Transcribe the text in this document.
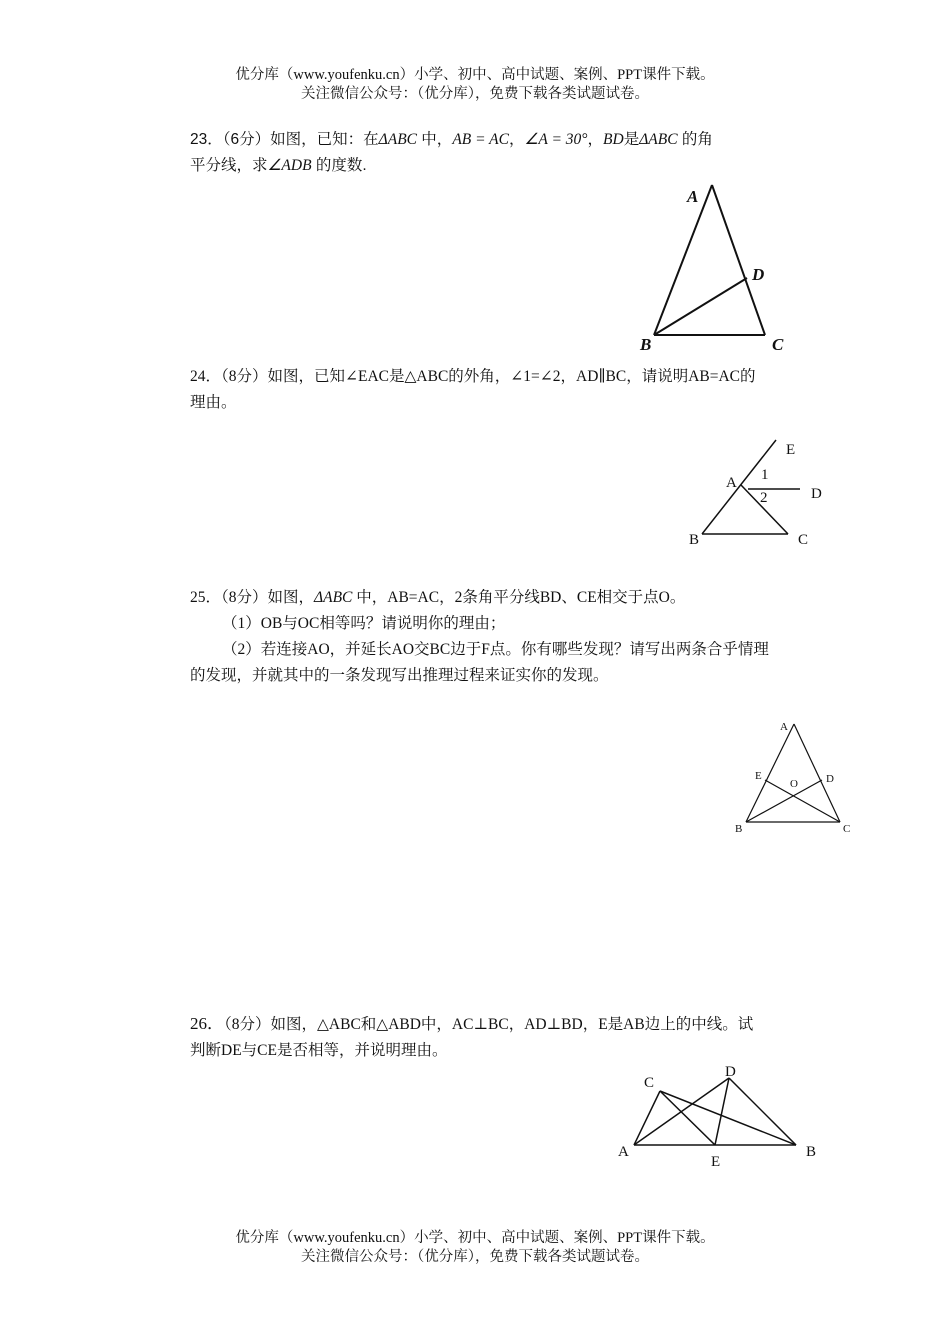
优分库（www.youfenku.cn）小学、初中、高中试题、案例、PPT课件下载。
关注微信公众号：（优分库），免费下载各类试题试卷。

23．（6分）如图，已知：在ΔABC 中，AB = AC，∠A = 30°，BD是ΔABC 的角

平分线，求∠ADB 的度数.

A
B	C
D

24．（8分）如图，已知∠EAC是△ABC的外角，∠1=∠2，AD∥BC，请说明AB=AC的

理由。

E
A
D
B	C
1
2

25．（8分）如图，ΔABC 中，AB=AC，2条角平分线BD、CE相交于点O。

（1）OB与OC相等吗？请说明你的理由；

（2）若连接AO，并延长AO交BC边于F点。你有哪些发现？请写出两条合乎情理

的发现，并就其中的一条发现写出推理过程来证实你的发现。

A
B	C
D
E
O

26．（8分）如图，△ABC和△ABD中，AC⊥BC，AD⊥BD，E是AB边上的中线。试

判断DE与CE是否相等，并说明理由。

A	B
C
D
E
优分库（www.youfenku.cn）小学、初中、高中试题、案例、PPT课件下载。
关注微信公众号：（优分库），免费下载各类试题试卷。
